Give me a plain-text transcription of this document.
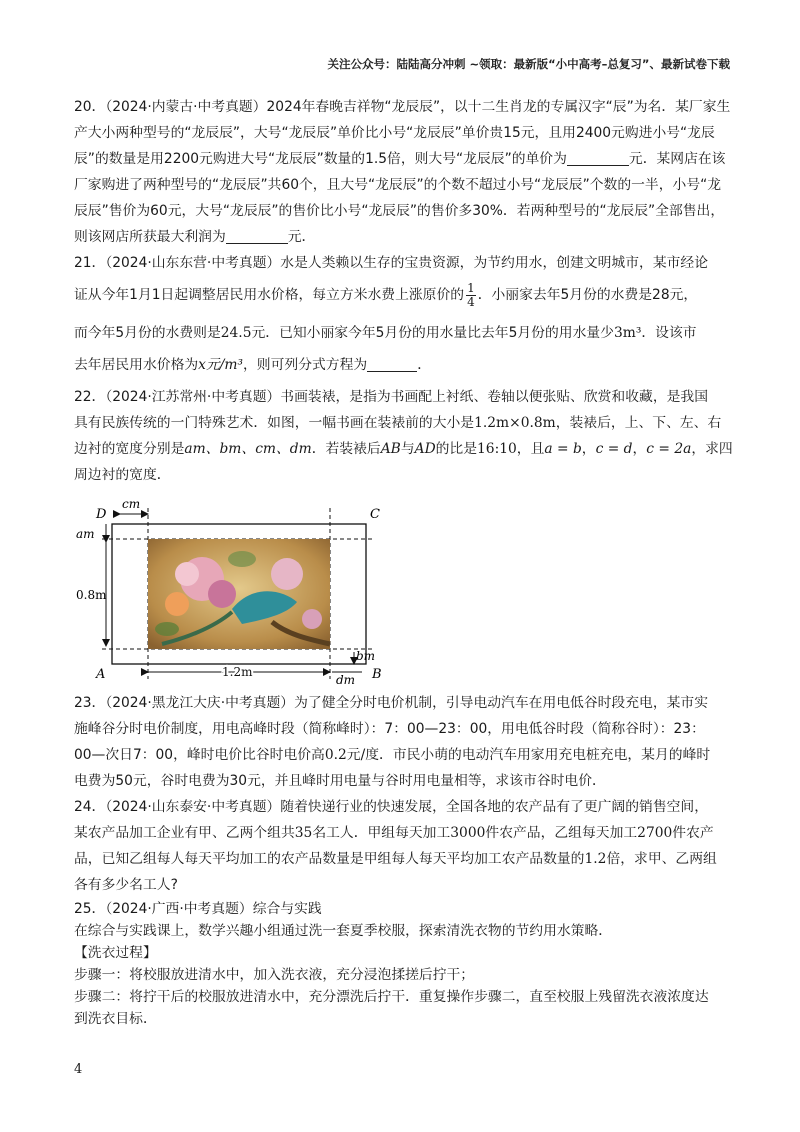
关注公众号：陆陆高分冲刺 ~领取：最新版“小中高考–总复习”、最新试卷下载
20．（2024·内蒙古·中考真题）2024年春晚吉祥物“龙辰辰”，以十二生肖龙的专属汉字“辰”为名．某厂家生
产大小两种型号的“龙辰辰”，大号“龙辰辰”单价比小号“龙辰辰”单价贵15元，且用2400元购进小号“龙辰
辰”的数量是用2200元购进大号“龙辰辰”数量的1.5倍，则大号“龙辰辰”的单价为	元．某网店在该
厂家购进了两种型号的“龙辰辰”共60个，且大号“龙辰辰”的个数不超过小号“龙辰辰”个数的一半，小号“龙
辰辰”售价为60元，大号“龙辰辰”的售价比小号“龙辰辰”的售价多30%．若两种型号的“龙辰辰”全部售出，
则该网店所获最大利润为	元．
21．（2024·山东东营·中考真题）水是人类赖以生存的宝贵资源，为节约用水，创建文明城市，某市经论
证从今年1月1日起调整居民用水价格，每立方米水费上涨原价的 $\frac{1}{4}$ ．小丽家去年5月份的水费是28元，
而今年5月份的水费则是24.5元．已知小丽家今年5月份的用水量比去年5月份的用水量少3m³．设该市
去年居民用水价格为x元/m³，则可列分式方程为	．
22．（2024·江苏常州·中考真题）书画装裱，是指为书画配上衬纸、卷轴以便张贴、欣赏和收藏，是我国
具有民族传统的一门特殊艺术．如图，一幅书画在装裱前的大小是1.2m×0.8m，装裱后，上、下、左、右
边衬的宽度分别是am、bm、cm、dm．若装裱后AB与AD的比是16:10，且a = b，c = d，c = 2a，求四
周边衬的宽度．
D	C
A	B
cm
am
0.8m
1.2m
bm
dm
23．（2024·黑龙江大庆·中考真题）为了健全分时电价机制，引导电动汽车在用电低谷时段充电，某市实
施峰谷分时电价制度，用电高峰时段（简称峰时）：7：00—23：00，用电低谷时段（简称谷时）：23：
00—次日7：00，峰时电价比谷时电价高0.2元/度．市民小萌的电动汽车用家用充电桩充电，某月的峰时
电费为50元，谷时电费为30元，并且峰时用电量与谷时用电量相等，求该市谷时电价．
24．（2024·山东泰安·中考真题）随着快递行业的快速发展，全国各地的农产品有了更广阔的销售空间，
某农产品加工企业有甲、乙两个组共35名工人．甲组每天加工3000件农产品，乙组每天加工2700件农产
品，已知乙组每人每天平均加工的农产品数量是甲组每人每天平均加工农产品数量的1.2倍，求甲、乙两组
各有多少名工人?
25．（2024·广西·中考真题）综合与实践
在综合与实践课上，数学兴趣小组通过洗一套夏季校服，探索清洗衣物的节约用水策略．
【洗衣过程】
步骤一：将校服放进清水中，加入洗衣液，充分浸泡揉搓后拧干；
步骤二：将拧干后的校服放进清水中，充分漂洗后拧干．重复操作步骤二，直至校服上残留洗衣液浓度达
到洗衣目标．
4
